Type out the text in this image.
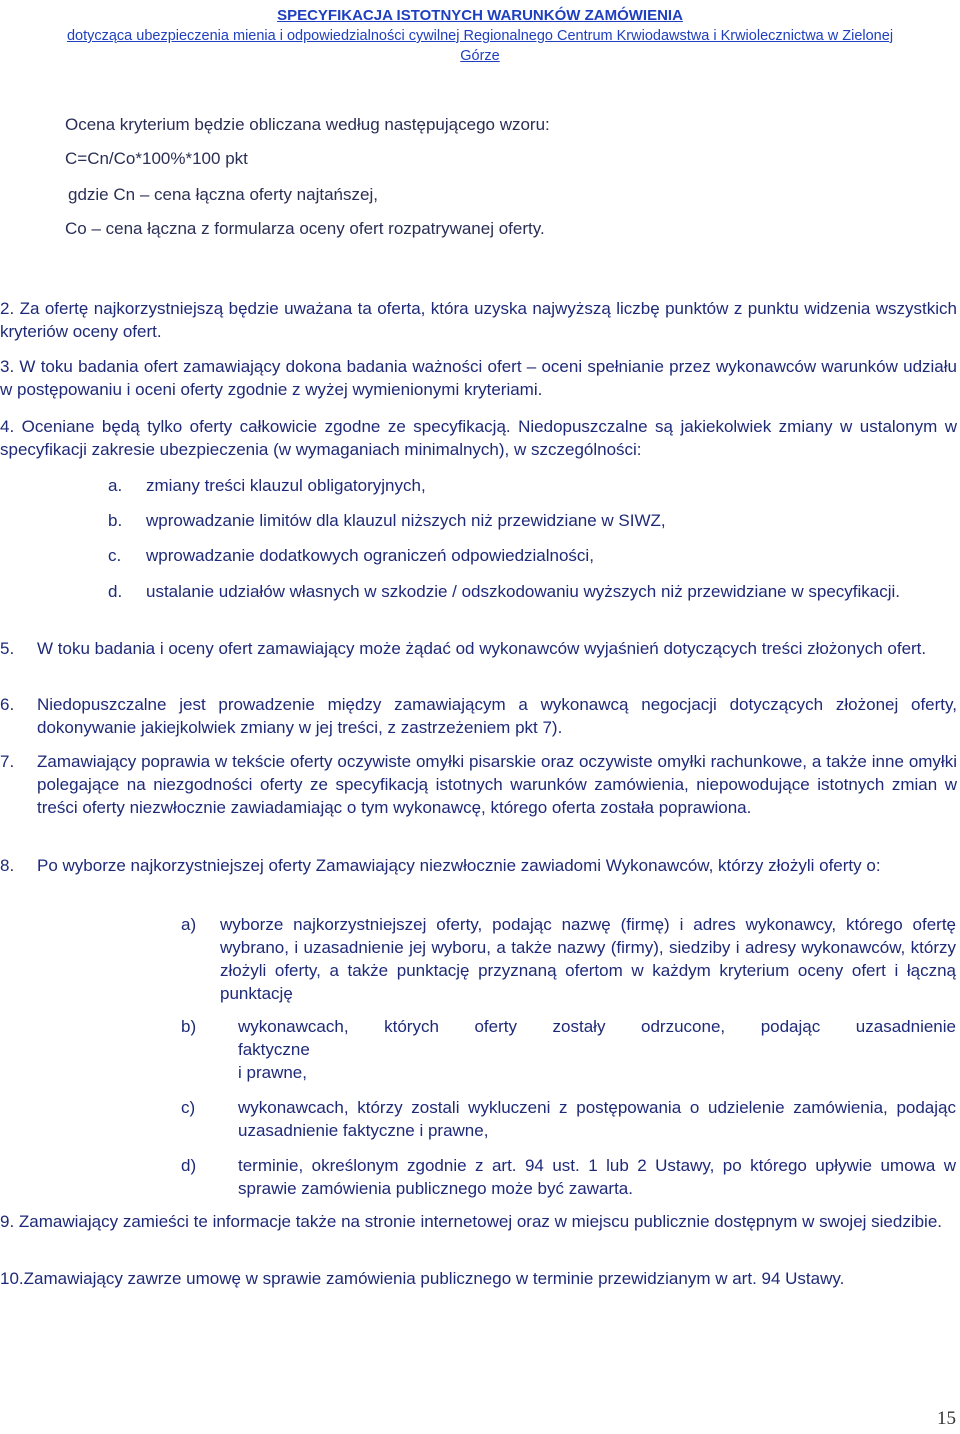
SPECYFIKACJA ISTOTNYCH WARUNKÓW ZAMÓWIENIA
dotycząca ubezpieczenia mienia i odpowiedzialności cywilnej Regionalnego Centrum Krwiodawstwa i Krwiolecznictwa w Zielonej
Górze
Ocena kryterium będzie obliczana według następującego wzoru:
C=Cn/Co*100%*100 pkt
gdzie Cn – cena łączna oferty najtańszej,
Co – cena łączna z formularza oceny ofert rozpatrywanej oferty.
2. Za ofertę najkorzystniejszą będzie uważana ta oferta, która uzyska najwyższą liczbę punktów z punktu widzenia wszystkich kryteriów oceny ofert.
3. W toku badania ofert zamawiający dokona badania ważności ofert – oceni spełnianie przez wykonawców warunków udziału w postępowaniu i oceni oferty zgodnie z wyżej wymienionymi kryteriami.
4. Oceniane będą tylko oferty całkowicie zgodne ze specyfikacją. Niedopuszczalne są jakiekolwiek zmiany w ustalonym w specyfikacji zakresie ubezpieczenia (w wymaganiach minimalnych), w szczególności:
a. zmiany treści klauzul obligatoryjnych,
b. wprowadzanie limitów dla klauzul niższych niż przewidziane w SIWZ,
c. wprowadzanie dodatkowych ograniczeń odpowiedzialności,
d. ustalanie udziałów własnych w szkodzie / odszkodowaniu wyższych niż przewidziane w specyfikacji.
5. W toku badania i oceny ofert zamawiający może żądać od wykonawców wyjaśnień dotyczących treści złożonych ofert.
6. Niedopuszczalne jest prowadzenie między zamawiającym a wykonawcą negocjacji dotyczących złożonej oferty, dokonywanie jakiejkolwiek zmiany w jej treści, z zastrzeżeniem pkt 7).
7. Zamawiający poprawia w tekście oferty oczywiste omyłki pisarskie oraz oczywiste omyłki rachunkowe, a także inne omyłki polegające na niezgodności oferty ze specyfikacją istotnych warunków zamówienia, niepowodujące istotnych zmian w treści oferty niezwłocznie zawiadamiając o tym wykonawcę, którego oferta została poprawiona.
8. Po wyborze najkorzystniejszej oferty Zamawiający niezwłocznie zawiadomi Wykonawców, którzy złożyli oferty o:
a) wyborze najkorzystniejszej oferty, podając nazwę (firmę) i adres wykonawcy, którego ofertę wybrano, i uzasadnienie jej wyboru, a także nazwy (firmy), siedziby i adresy wykonawców, którzy złożyli oferty, a także punktację przyznaną ofertom w każdym kryterium oceny ofert i łączną punktację
b) wykonawcach, których oferty zostały odrzucone, podając uzasadnienie
faktyczne
i prawne,
c)	wykonawcach, którzy zostali wykluczeni z postępowania o udzielenie zamówienia, podając uzasadnienie faktyczne i prawne,
d) terminie, określonym zgodnie z art. 94 ust. 1 lub 2 Ustawy, po którego upływie umowa w sprawie zamówienia publicznego może być zawarta.
9. Zamawiający zamieści te informacje także na stronie internetowej oraz w miejscu publicznie dostępnym w swojej siedzibie.
10.Zamawiający zawrze umowę w sprawie zamówienia publicznego w terminie przewidzianym w art. 94 Ustawy.
15
